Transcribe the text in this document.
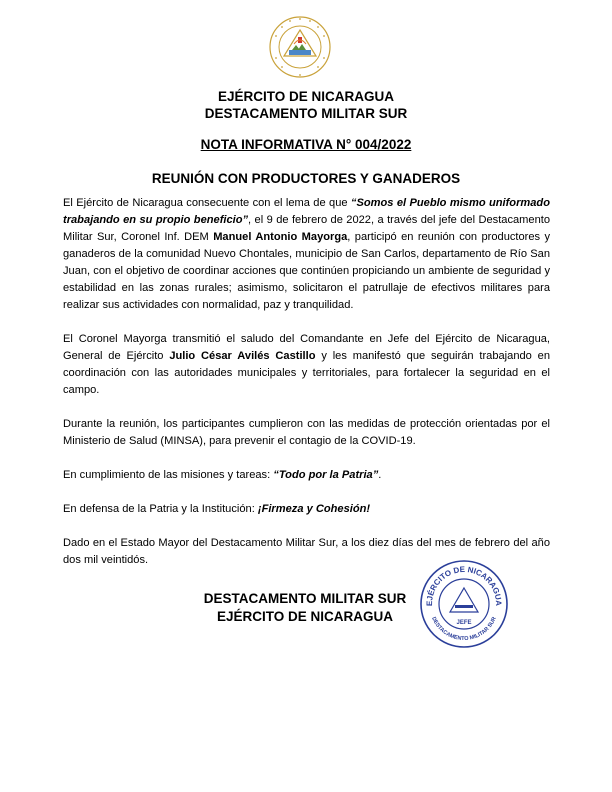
EJÉRCITO DE NICARAGUA
DESTACAMENTO MILITAR SUR
NOTA INFORMATIVA N° 004/2022
REUNIÓN CON PRODUCTORES Y GANADEROS

El Ejército de Nicaragua consecuente con el lema de que “Somos el Pueblo mismo uniformado trabajando en su propio beneficio”, el 9 de febrero de 2022, a través del jefe del Destacamento Militar Sur, Coronel Inf. DEM Manuel Antonio Mayorga, participó en reunión con productores y ganaderos de la comunidad Nuevo Chontales, municipio de San Carlos, departamento de Río San Juan, con el objetivo de coordinar acciones que continúen propiciando un ambiente de seguridad y estabilidad en las zonas rurales; asimismo, solicitaron el patrullaje de efectivos militares para realizar sus actividades con normalidad, paz y tranquilidad.

El Coronel Mayorga transmitió el saludo del Comandante en Jefe del Ejército de Nicaragua, General de Ejército Julio César Avilés Castillo y les manifestó que seguirán trabajando en coordinación con las autoridades municipales y territoriales, para fortalecer la seguridad en el campo.

Durante la reunión, los participantes cumplieron con las medidas de protección orientadas por el Ministerio de Salud (MINSA), para prevenir el contagio de la COVID-19.

En cumplimiento de las misiones y tareas: “Todo por la Patria”.

En defensa de la Patria y la Institución: ¡Firmeza y Cohesión!

Dado en el Estado Mayor del Destacamento Militar Sur, a los diez días del mes de febrero del año dos mil veintidós.

DESTACAMENTO MILITAR SUR
EJÉRCITO DE NICARAGUA
EJÉRCITO DE NICARAGUA
DESTACAMENTO MILITAR SUR
JEFE
